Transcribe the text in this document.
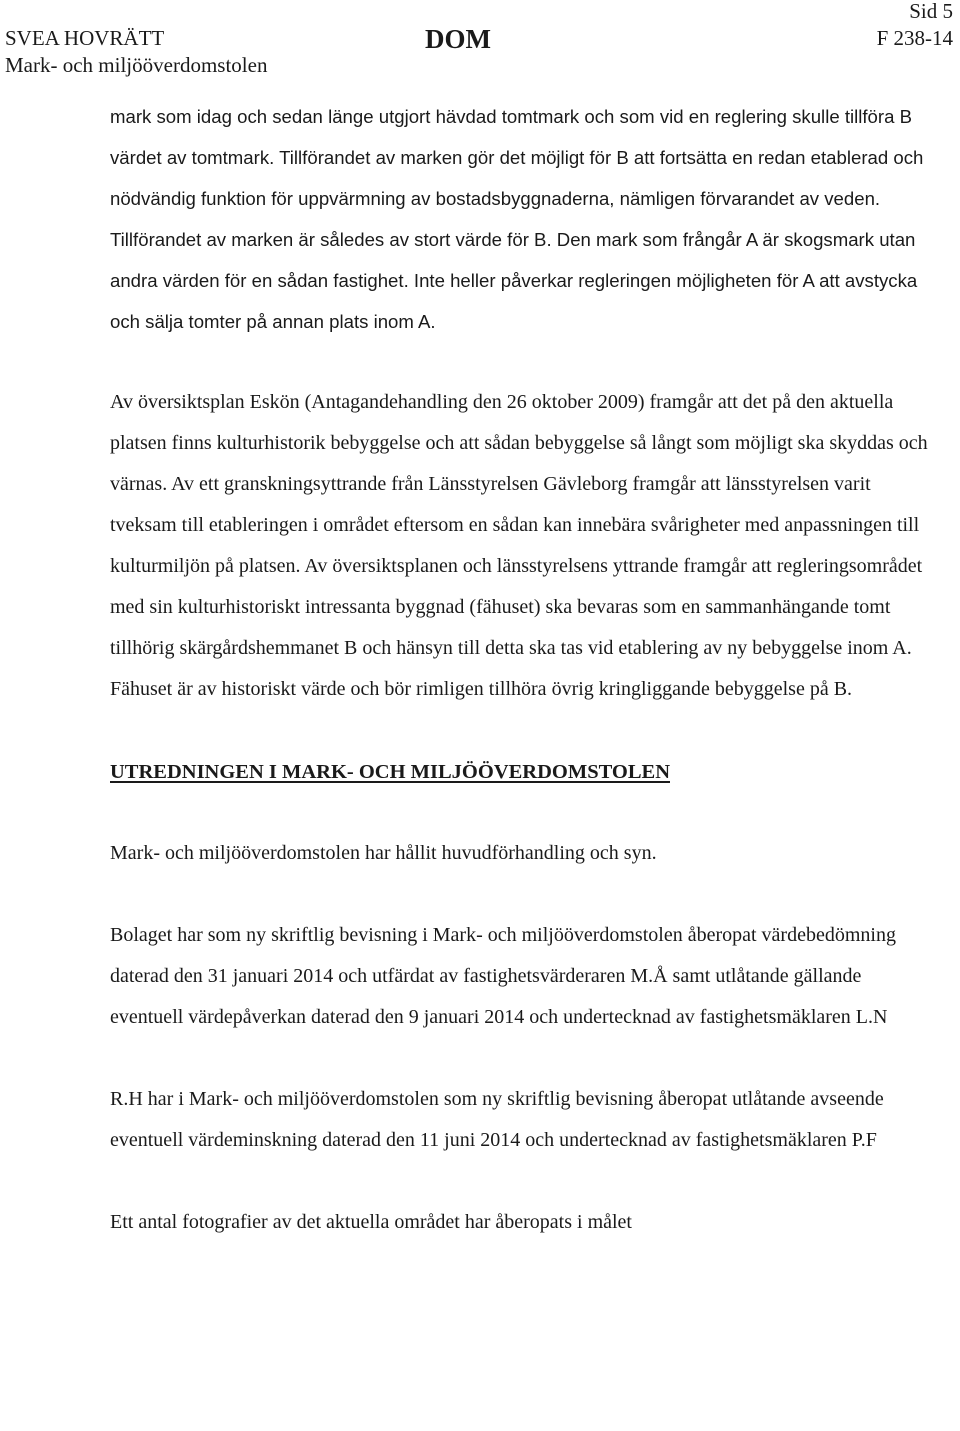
SVEA HOVRÄTT
Mark- och miljööverdomstolen
DOM
Sid 5
F 238-14

mark som idag och sedan länge utgjort hävdad tomtmark och som vid en reglering skulle tillföra B värdet av tomtmark. Tillförandet av marken gör det möjligt för B att fortsätta en redan etablerad och nödvändig funktion för uppvärmning av bostadsbyggnaderna, nämligen förvarandet av veden. Tillförandet av marken är således av stort värde för B. Den mark som frångår A är skogsmark utan andra värden för en sådan fastighet. Inte heller påverkar regleringen möjligheten för A att avstycka och sälja tomter på annan plats inom A.

Av översiktsplan Eskön (Antagandehandling den 26 oktober 2009) framgår att det på den aktuella platsen finns kulturhistorik bebyggelse och att sådan bebyggelse så långt som möjligt ska skyddas och värnas. Av ett granskningsyttrande från Länsstyrelsen Gävleborg framgår att länsstyrelsen varit tveksam till etableringen i området eftersom en sådan kan innebära svårigheter med anpassningen till kulturmiljön på platsen. Av översiktsplanen och länsstyrelsens yttrande framgår att regleringsområdet med sin kulturhistoriskt intressanta byggnad (fähuset) ska bevaras som en sammanhängande tomt tillhörig skärgårdshemmanet B och hänsyn till detta ska tas vid etablering av ny bebyggelse inom A. Fähuset är av historiskt värde och bör rimligen tillhöra övrig kringliggande bebyggelse på B.

UTREDNINGEN I MARK- OCH MILJÖÖVERDOMSTOLEN

Mark- och miljööverdomstolen har hållit huvudförhandling och syn.

Bolaget har som ny skriftlig bevisning i Mark- och miljööverdomstolen åberopat värdebedömning daterad den 31 januari 2014 och utfärdat av fastighetsvärderaren M.Å samt utlåtande gällande eventuell värdepåverkan daterad den 9 januari 2014 och undertecknad av fastighetsmäklaren L.N

R.H har i Mark- och miljööverdomstolen som ny skriftlig bevisning åberopat utlåtande avseende eventuell värdeminskning daterad den 11 juni 2014 och undertecknad av fastighetsmäklaren P.F

Ett antal fotografier av det aktuella området har åberopats i målet
